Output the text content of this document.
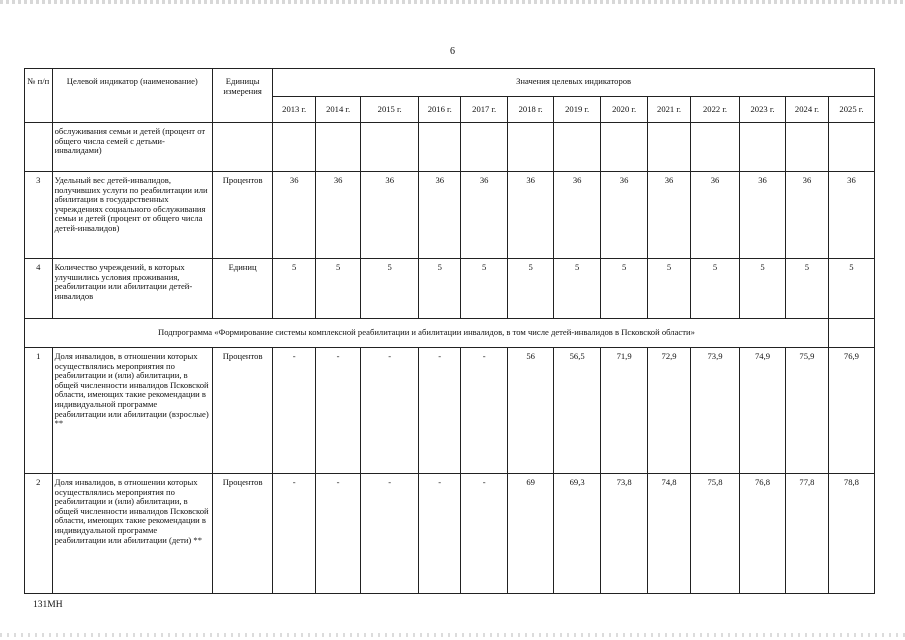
6
№ п/п	Целевой индикатор (наименование)	Единицы измерения	Значения целевых индикаторов												
			2013 г.	2014 г.	2015 г.	2016 г.	2017 г.	2018 г.	2019 г.	2020 г.	2021 г.	2022 г.	2023 г.	2024 г.	2025 г.
	обслуживания семьи и детей (процент от общего числа семей с детьми-инвалидами)														
3	Удельный вес детей-инвалидов, получивших услуги по реабилитации или абилитации в государственных учреждениях социального обслуживания семьи и детей (процент от общего числа детей-инвалидов)	Процентов	36	36	36	36	36	36	36	36	36	36	36	36	36
4	Количество учреждений, в которых улучшились условия проживания, реабилитации или абилитации детей-инвалидов	Единиц	5	5	5	5	5	5	5	5	5	5	5	5	5
Подпрограмма «Формирование системы комплексной реабилитации и абилитации инвалидов, в том числе детей-инвалидов в Псковской области»															
1	Доля инвалидов, в отношении которых осуществлялись мероприятия по реабилитации и (или) абилитации, в общей численности инвалидов Псковской области, имеющих такие рекомендации в индивидуальной программе реабилитации или абилитации (взрослые) **	Процентов	-	-	-	-	-	56	56,5	71,9	72,9	73,9	74,9	75,9	76,9
2	Доля инвалидов, в отношении которых осуществлялись мероприятия по реабилитации и (или) абилитации, в общей численности инвалидов Псковской области, имеющих такие рекомендации в индивидуальной программе реабилитации или абилитации (дети) **	Процентов	-	-	-	-	-	69	69,3	73,8	74,8	75,8	76,8	77,8	78,8
131МН
